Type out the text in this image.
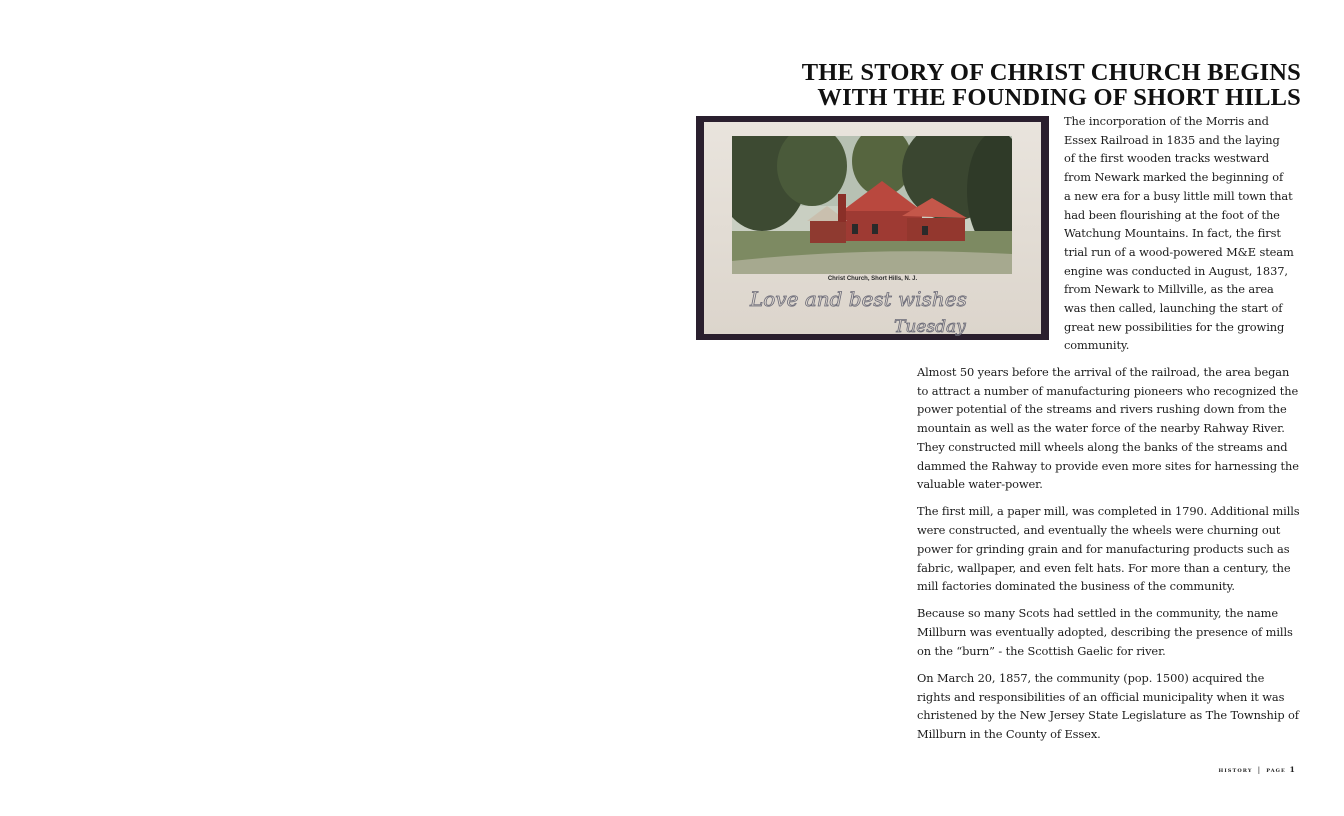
THE STORY OF CHRIST CHURCH BEGINS
WITH THE FOUNDING OF SHORT HILLS
Christ Church, Short Hills, N. J.
Love and best wishes
Tuesday

The incorporation of the Morris and
Essex Railroad in 1835 and the laying
of the first wooden tracks westward
from Newark marked the beginning of
a new era for a busy little mill town that
had been flourishing at the foot of the
Watchung Mountains. In fact, the first
trial run of a wood-powered M&E steam
engine was conducted in August, 1837,
from Newark to Millville, as the area
was then called, launching the start of
great new possibilities for the growing
community.

Almost 50 years before the arrival of the railroad, the area began
to attract a number of manufacturing pioneers who recognized the
power potential of the streams and rivers rushing down from the
mountain as well as the water force of the nearby Rahway River.
They constructed mill wheels along the banks of the streams and
dammed the Rahway to provide even more sites for harnessing the
valuable water-power.

The first mill, a paper mill, was completed in 1790. Additional mills
were constructed, and eventually the wheels were churning out
power for grinding grain and for manufacturing products such as
fabric, wallpaper, and even felt hats. For more than a century, the
mill factories dominated the business of the community.

Because so many Scots had settled in the community, the name
Millburn was eventually adopted, describing the presence of mills
on the “burn” - the Scottish Gaelic for river.

On March 20, 1857, the community (pop. 1500) acquired the
rights and responsibilities of an official municipality when it was
christened by the New Jersey State Legislature as The Township of
Millburn in the County of Essex.

history | page 1
